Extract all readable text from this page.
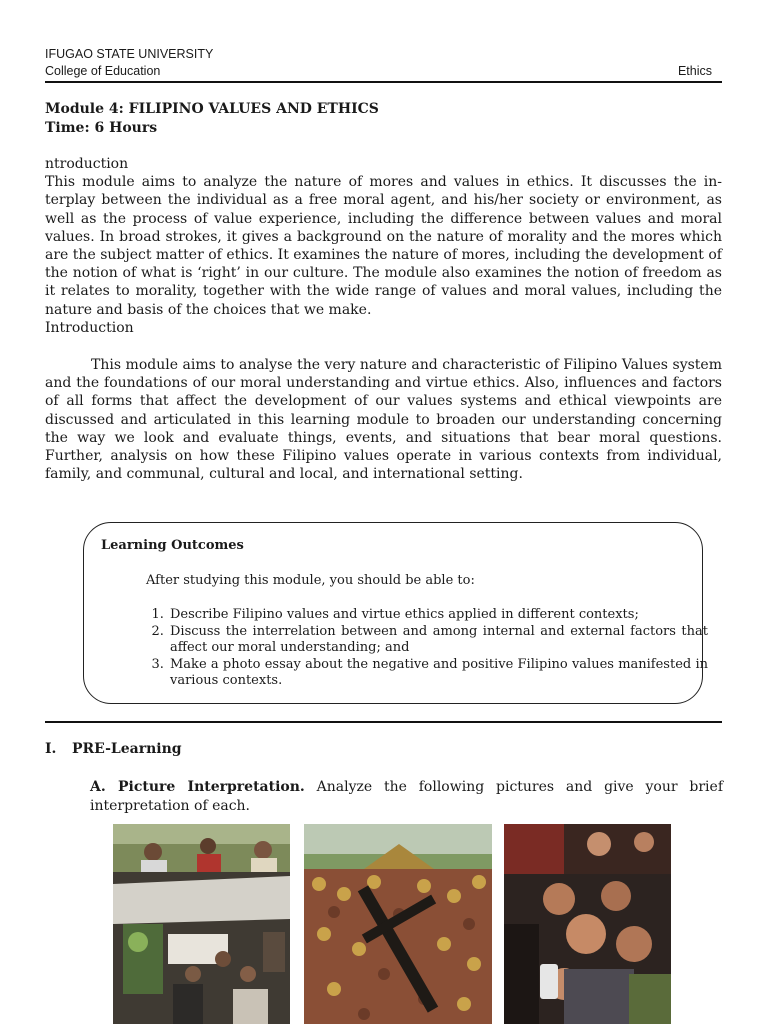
IFUGAO STATE UNIVERSITY
College of Education	Ethics
Module 4: FILIPINO VALUES AND ETHICS
Time: 6 Hours
ntroduction
This module aims to analyze the nature of mores and values in ethics. It discusses the in-terplay between the individual as a free moral agent, and his/her society or environment, as well as the process of value experience, including the difference between values and moral values. In broad strokes, it gives a background on the nature of morality and the mores which are the subject matter of ethics. It examines the nature of mores, including the development of the notion of what is ‘right’ in our culture. The module also examines the notion of freedom as it relates to morality, together with the wide range of values and moral values, including the nature and basis of the choices that we make.
Introduction
This module aims to analyse the very nature and characteristic of Filipino Values system and the foundations of our moral understanding and virtue ethics. Also, influences and factors of all forms that affect the development of our values systems and ethical viewpoints are discussed and articulated in this learning module to broaden our understanding concerning the way we look and evaluate things, events, and situations that bear moral questions. Further, analysis on how these Filipino values operate in various contexts from individual, family, and communal, cultural and local, and international setting.
Learning Outcomes
After studying this module, you should be able to:
1. Describe Filipino values and virtue ethics applied in different contexts;
2. Discuss the interrelation between and among internal and external factors that affect our moral understanding; and
3. Make a photo essay about the negative and positive Filipino values manifested in various contexts.
I. PRE-Learning
A. Picture Interpretation. Analyze the following pictures and give your brief interpretation of each.
